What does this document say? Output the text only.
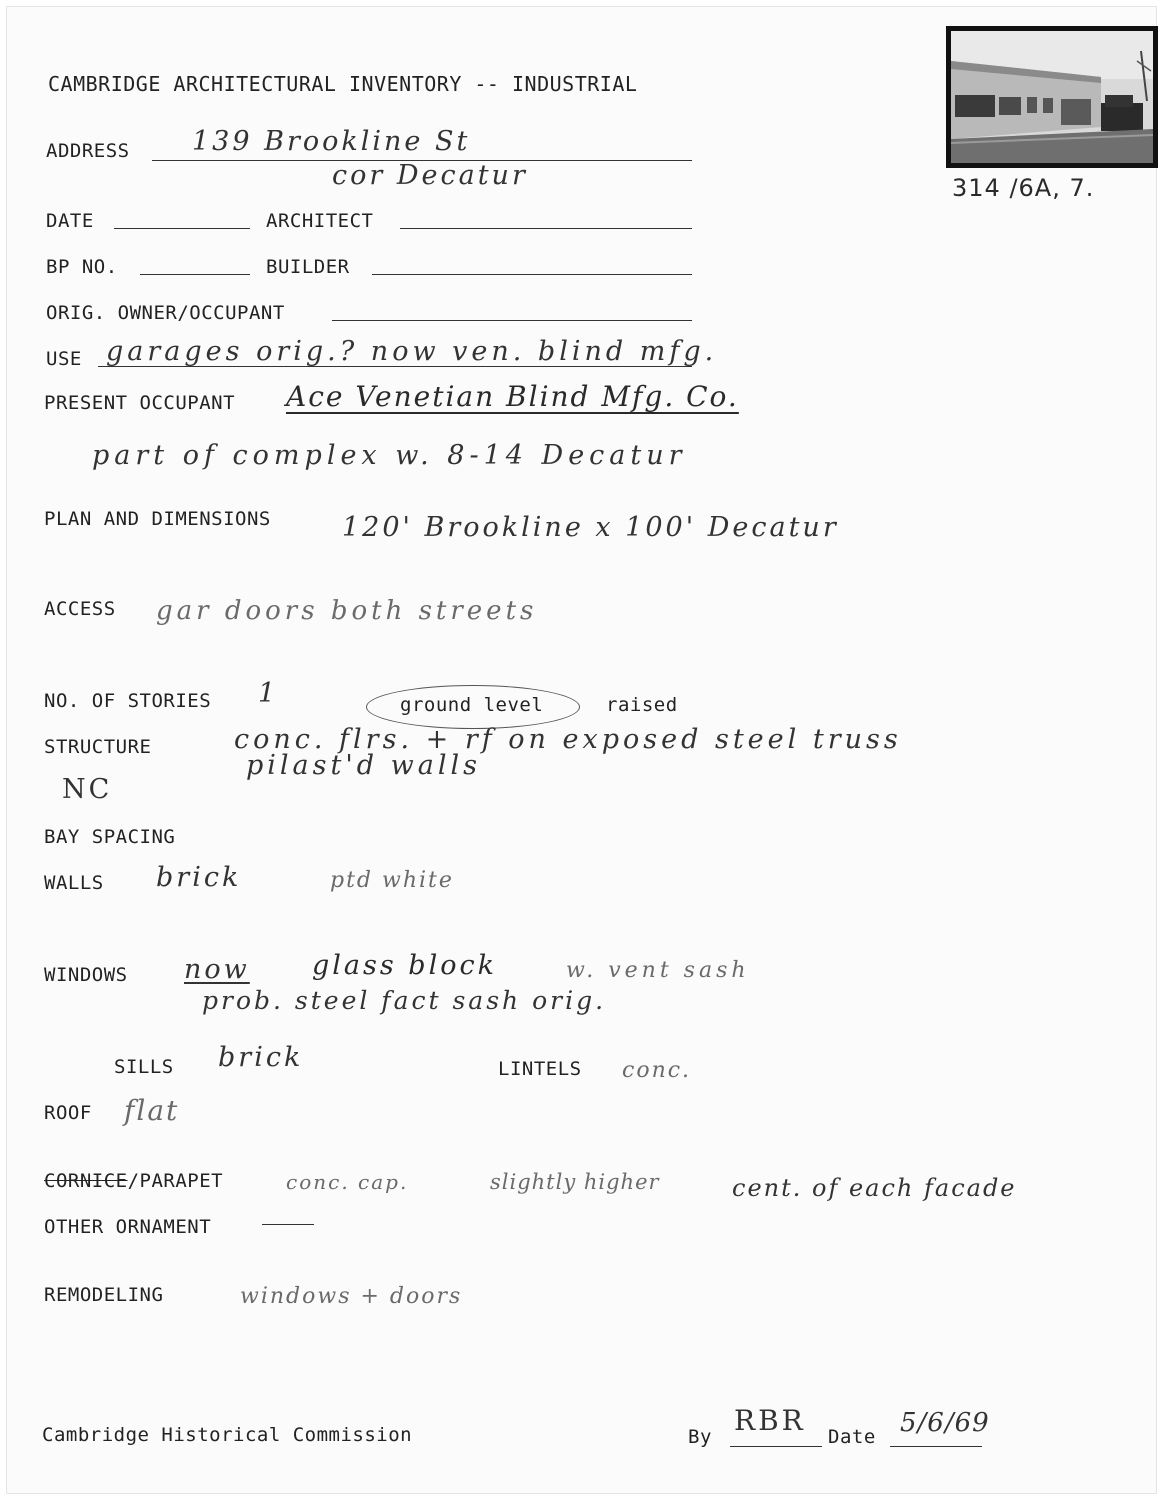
CAMBRIDGE ARCHITECTURAL INVENTORY -- INDUSTRIAL
314 /6A, 7.
ADDRESS 139 Brookline St
cor Decatur
DATE	ARCHITECT
BP NO.	BUILDER
ORIG. OWNER/OCCUPANT
USE garages orig.? now ven. blind mfg.
PRESENT OCCUPANT Ace Venetian Blind Mfg. Co.
part of complex w. 8-14 Decatur
PLAN AND DIMENSIONS	120' Brookline x 100' Decatur
ACCESS gar doors both streets
NO. OF STORIES 1	ground level	raised
STRUCTURE	conc. flrs. + rf on exposed steel truss
pilast'd walls
NC
BAY SPACING
WALLS brick	ptd white
WINDOWS now glass block	w. vent sash
prob. steel fact sash orig.
SILLS brick	LINTELS conc.
ROOF flat
CORNICE/PARAPET	conc. cap.	slightly higher	cent. of each facade
OTHER ORNAMENT
REMODELING	windows + doors
Cambridge Historical Commission	By RBR Date 5/6/69
